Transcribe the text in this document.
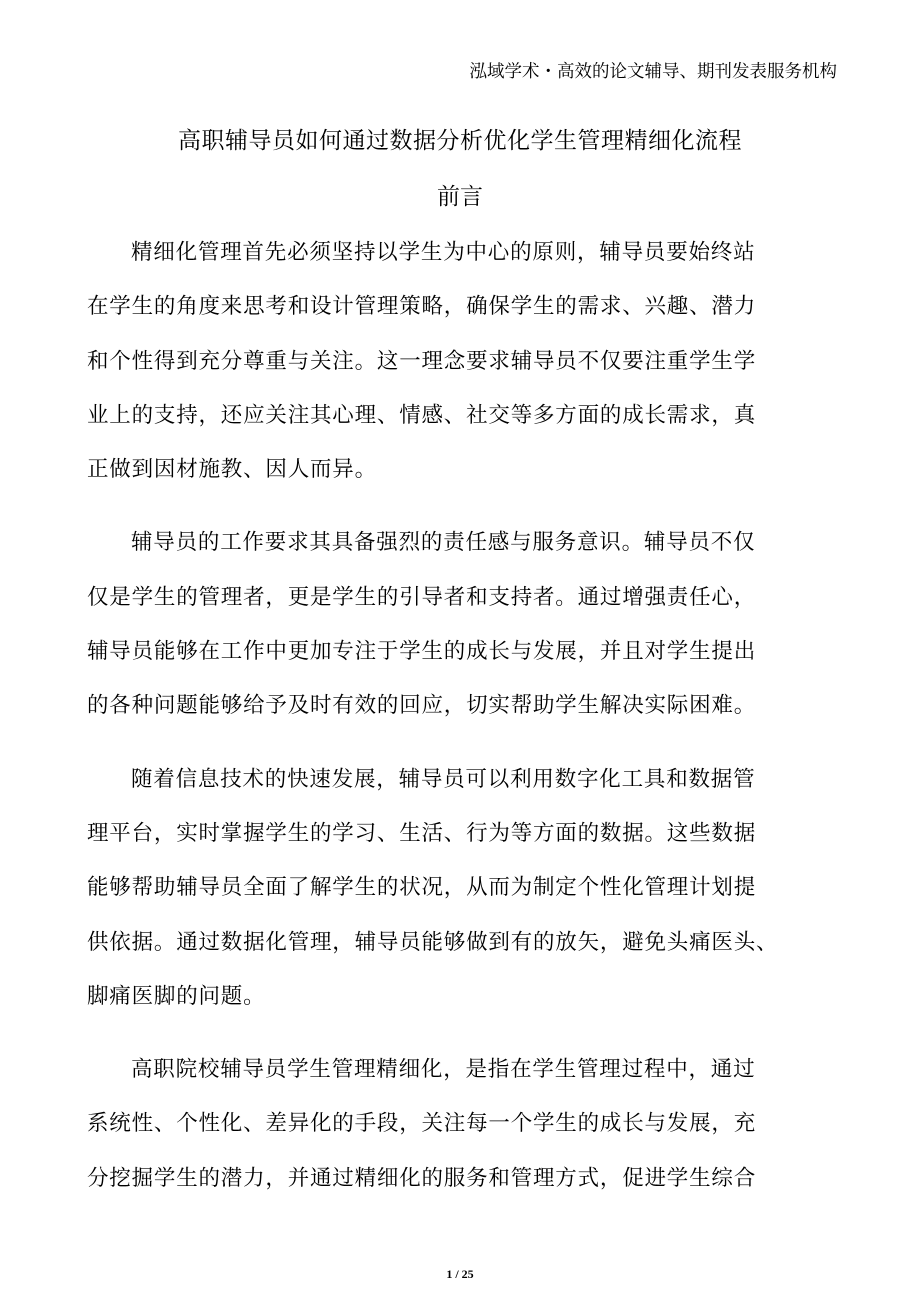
泓域学术・高效的论文辅导、期刊发表服务机构
高职辅导员如何通过数据分析优化学生管理精细化流程
前言

精细化管理首先必须坚持以学生为中心的原则，辅导员要始终站
在学生的角度来思考和设计管理策略，确保学生的需求、兴趣、潜力
和个性得到充分尊重与关注。这一理念要求辅导员不仅要注重学生学
业上的支持，还应关注其心理、情感、社交等多方面的成长需求，真
正做到因材施教、因人而异。

辅导员的工作要求其具备强烈的责任感与服务意识。辅导员不仅
仅是学生的管理者，更是学生的引导者和支持者。通过增强责任心，
辅导员能够在工作中更加专注于学生的成长与发展，并且对学生提出
的各种问题能够给予及时有效的回应，切实帮助学生解决实际困难。

随着信息技术的快速发展，辅导员可以利用数字化工具和数据管
理平台，实时掌握学生的学习、生活、行为等方面的数据。这些数据
能够帮助辅导员全面了解学生的状况，从而为制定个性化管理计划提
供依据。通过数据化管理，辅导员能够做到有的放矢，避免头痛医头、
脚痛医脚的问题。

高职院校辅导员学生管理精细化，是指在学生管理过程中，通过
系统性、个性化、差异化的手段，关注每一个学生的成长与发展，充
分挖掘学生的潜力，并通过精细化的服务和管理方式，促进学生综合

1 / 25
